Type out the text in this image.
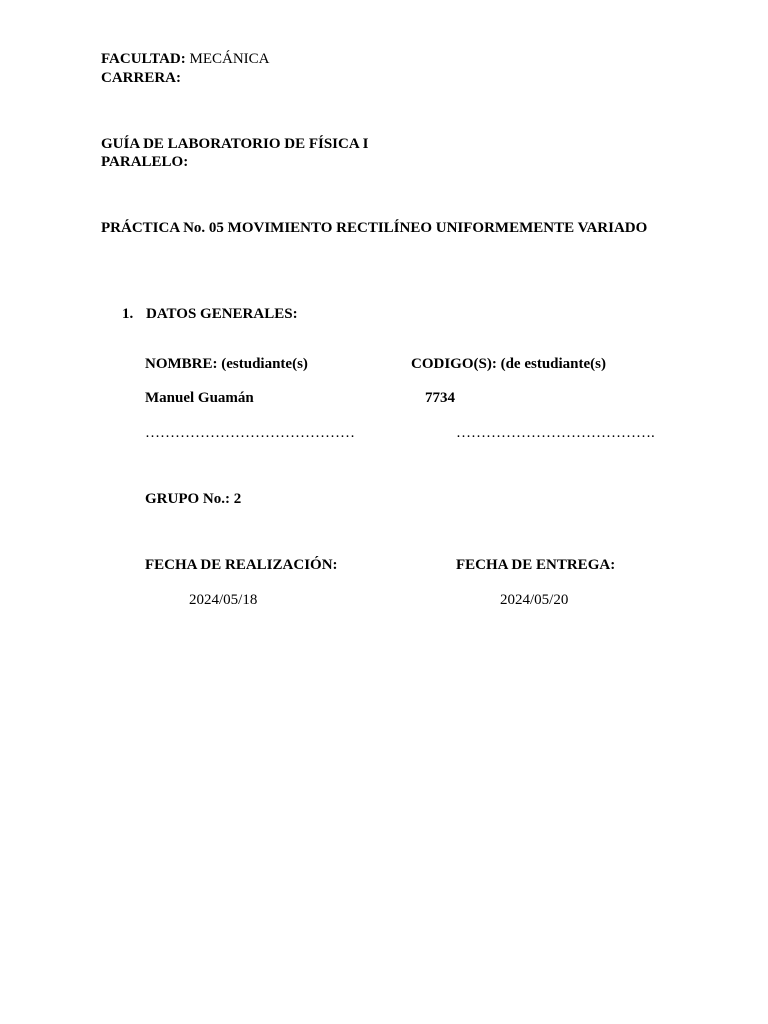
FACULTAD: MECÁNICA
CARRERA:
GUÍA DE LABORATORIO DE FÍSICA I
PARALELO:
PRÁCTICA No. 05 MOVIMIENTO RECTILÍNEO UNIFORMEMENTE VARIADO
1. DATOS GENERALES:
NOMBRE: (estudiante(s)	CODIGO(S): (de estudiante(s)
Manuel Guamán	7734
……………………………………	………………………………….
GRUPO No.: 2
FECHA DE REALIZACIÓN:	FECHA DE ENTREGA:
2024/05/18	2024/05/20
